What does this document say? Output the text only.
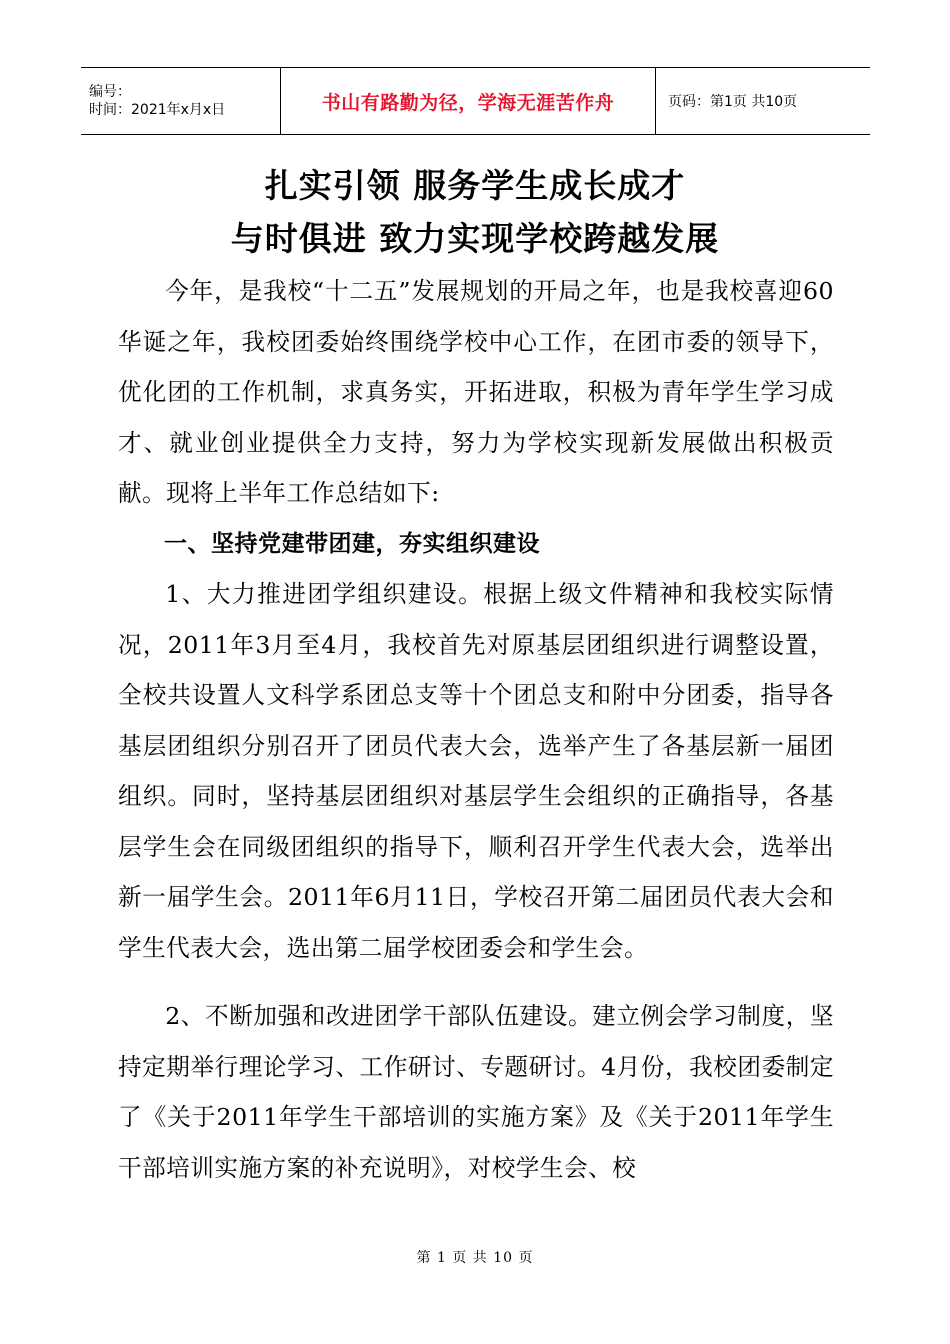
编号：
时间：2021年x月x日	书山有路勤为径，学海无涯苦作舟	页码：第1页 共10页
扎实引领 服务学生成长成才
与时俱进 致力实现学校跨越发展

今年，是我校“十二五”发展规划的开局之年，也是我校喜迎60华诞之年，我校团委始终围绕学校中心工作，在团市委的领导下，优化团的工作机制，求真务实，开拓进取，积极为青年学生学习成才、就业创业提供全力支持，努力为学校实现新发展做出积极贡献。现将上半年工作总结如下:

一、坚持党建带团建，夯实组织建设

1、大力推进团学组织建设。根据上级文件精神和我校实际情况，2011年3月至4月，我校首先对原基层团组织进行调整设置，全校共设置人文科学系团总支等十个团总支和附中分团委，指导各基层团组织分别召开了团员代表大会，选举产生了各基层新一届团组织。同时，坚持基层团组织对基层学生会组织的正确指导，各基层学生会在同级团组织的指导下，顺利召开学生代表大会，选举出新一届学生会。2011年6月11日，学校召开第二届团员代表大会和学生代表大会，选出第二届学校团委会和学生会。

2、不断加强和改进团学干部队伍建设。建立例会学习制度，坚持定期举行理论学习、工作研讨、专题研讨。4月份，我校团委制定了《关于2011年学生干部培训的实施方案》及《关于2011年学生干部培训实施方案的补充说明》，对校学生会、校

第 1 页 共 10 页
